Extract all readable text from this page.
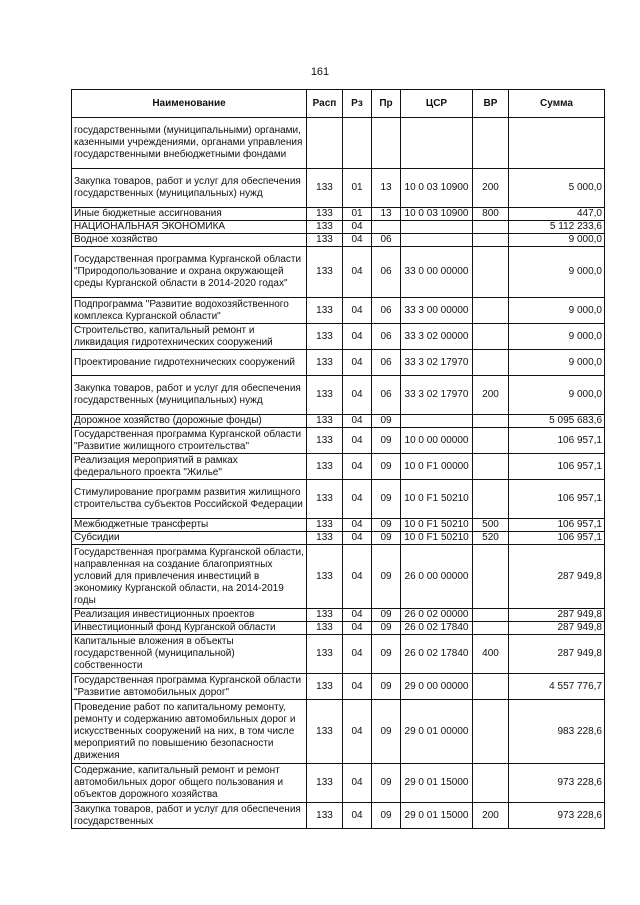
161
Наименование	Расп	Рз	Пр	ЦСР	ВР	Сумма
государственными (муниципальными) органами, казенными учреждениями, органами управления государственными внебюджетными фондами						
Закупка товаров, работ и услуг для обеспечения государственных (муниципальных) нужд	133	01	13	10 0 03 10900	200	5 000,0
Иные бюджетные ассигнования	133	01	13	10 0 03 10900	800	447,0
НАЦИОНАЛЬНАЯ ЭКОНОМИКА	133	04				5 112 233,6
Водное хозяйство	133	04	06			9 000,0
Государственная программа Курганской области "Природопользование и охрана окружающей среды Курганской области в 2014-2020 годах"	133	04	06	33 0 00 00000		9 000,0
Подпрограмма "Развитие водохозяйственного комплекса Курганской области"	133	04	06	33 3 00 00000		9 000,0
Строительство, капитальный ремонт и ликвидация гидротехнических сооружений	133	04	06	33 3 02 00000		9 000,0
Проектирование гидротехнических сооружений	133	04	06	33 3 02 17970		9 000,0
Закупка товаров, работ и услуг для обеспечения государственных (муниципальных) нужд	133	04	06	33 3 02 17970	200	9 000,0
Дорожное хозяйство (дорожные фонды)	133	04	09			5 095 683,6
Государственная программа Курганской области "Развитие жилищного строительства"	133	04	09	10 0 00 00000		106 957,1
Реализация мероприятий в рамках федерального проекта "Жилье"	133	04	09	10 0 F1 00000		106 957,1
Стимулирование программ развития жилищного строительства субъектов Российской Федерации	133	04	09	10 0 F1 50210		106 957,1
Межбюджетные трансферты	133	04	09	10 0 F1 50210	500	106 957,1
Субсидии	133	04	09	10 0 F1 50210	520	106 957,1
Государственная программа Курганской области, направленная на создание благоприятных условий для привлечения инвестиций в экономику Курганской области, на 2014-2019 годы	133	04	09	26 0 00 00000		287 949,8
Реализация инвестиционных проектов	133	04	09	26 0 02 00000		287 949,8
Инвестиционный фонд Курганской области	133	04	09	26 0 02 17840		287 949,8
Капитальные вложения в объекты государственной (муниципальной) собственности	133	04	09	26 0 02 17840	400	287 949,8
Государственная программа Курганской области "Развитие автомобильных дорог"	133	04	09	29 0 00 00000		4 557 776,7
Проведение работ по капитальному ремонту, ремонту и содержанию автомобильных дорог и искусственных сооружений на них, в том числе мероприятий по повышению безопасности движения	133	04	09	29 0 01 00000		983 228,6
Содержание, капитальный ремонт и ремонт автомобильных дорог общего пользования и объектов дорожного хозяйства	133	04	09	29 0 01 15000		973 228,6
Закупка товаров, работ и услуг для обеспечения государственных	133	04	09	29 0 01 15000	200	973 228,6
